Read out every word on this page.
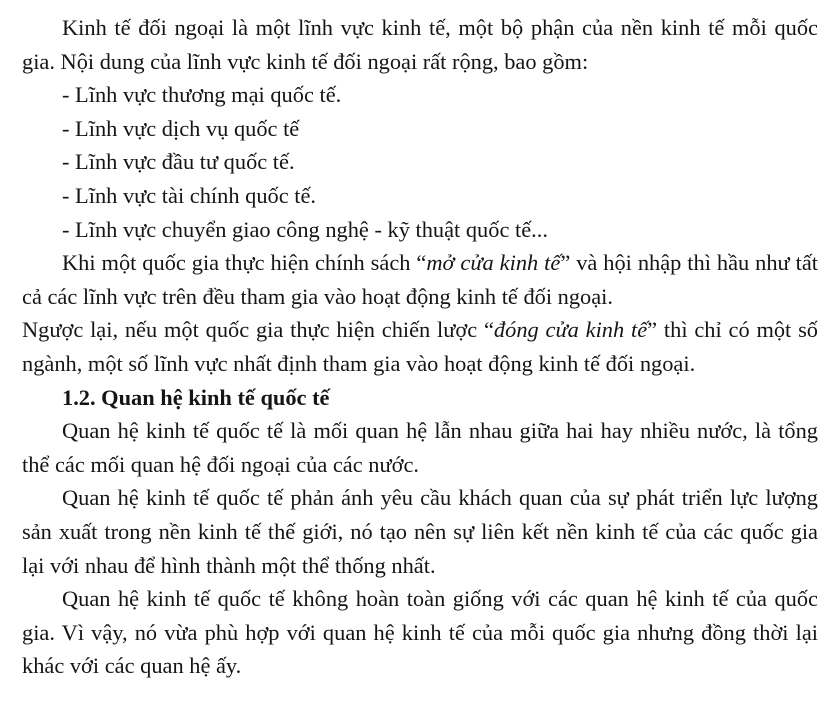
Kinh tế đối ngoại là một lĩnh vực kinh tế, một bộ phận của nền kinh tế mỗi quốc gia. Nội dung của lĩnh vực kinh tế đối ngoại rất rộng, bao gồm:

- Lĩnh vực thương mại quốc tế.
- Lĩnh vực dịch vụ quốc tế
- Lĩnh vực đầu tư quốc tế.
- Lĩnh vực tài chính quốc tế.
- Lĩnh vực chuyển giao công nghệ - kỹ thuật quốc tế...

Khi một quốc gia thực hiện chính sách “mở cửa kinh tế” và hội nhập thì hầu như tất cả các lĩnh vực trên đều tham gia vào hoạt động kinh tế đối ngoại.

Ngược lại, nếu một quốc gia thực hiện chiến lược “đóng cửa kinh tế” thì chỉ có một số ngành, một số lĩnh vực nhất định tham gia vào hoạt động kinh tế đối ngoại.

1.2. Quan hệ kinh tế quốc tế

Quan hệ kinh tế quốc tế là mối quan hệ lẫn nhau giữa hai hay nhiều nước, là tổng thể các mối quan hệ đối ngoại của các nước.

Quan hệ kinh tế quốc tế phản ánh yêu cầu khách quan của sự phát triển lực lượng sản xuất trong nền kinh tế thế giới, nó tạo nên sự liên kết nền kinh tế của các quốc gia lại với nhau để hình thành một thể thống nhất.

Quan hệ kinh tế quốc tế không hoàn toàn giống với các quan hệ kinh tế của quốc gia. Vì vậy, nó vừa phù hợp với quan hệ kinh tế của mỗi quốc gia nhưng đồng thời lại khác với các quan hệ ấy.
